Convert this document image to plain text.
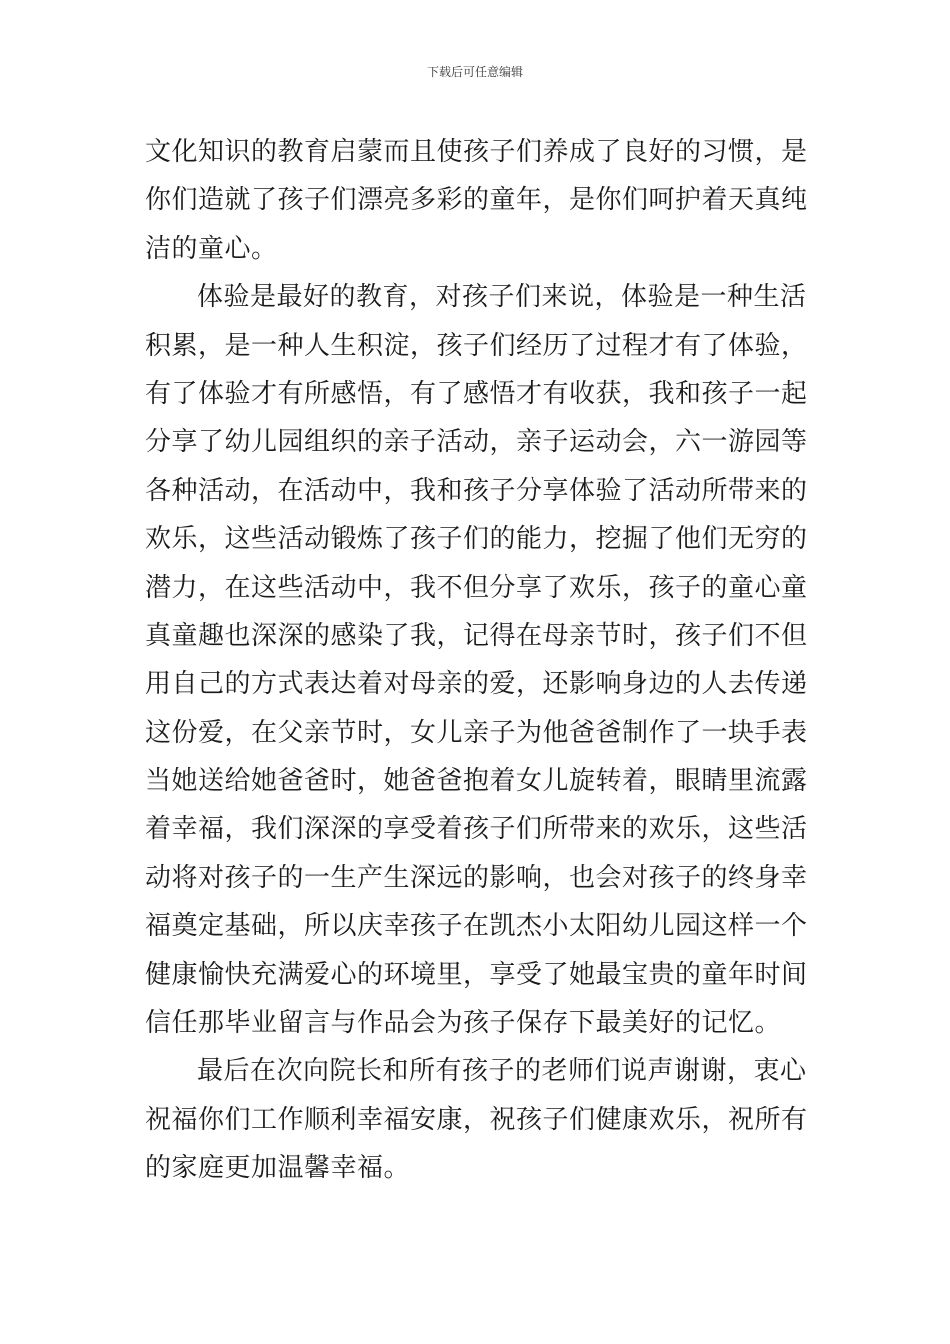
下载后可任意编辑
文化知识的教育启蒙而且使孩子们养成了良好的习惯，是
你们造就了孩子们漂亮多彩的童年，是你们呵护着天真纯
洁的童心。
体验是最好的教育，对孩子们来说，体验是一种生活
积累，是一种人生积淀，孩子们经历了过程才有了体验，
有了体验才有所感悟，有了感悟才有收获，我和孩子一起
分享了幼儿园组织的亲子活动，亲子运动会，六一游园等
各种活动，在活动中，我和孩子分享体验了活动所带来的
欢乐，这些活动锻炼了孩子们的能力，挖掘了他们无穷的
潜力，在这些活动中，我不但分享了欢乐，孩子的童心童
真童趣也深深的感染了我，记得在母亲节时，孩子们不但
用自己的方式表达着对母亲的爱，还影响身边的人去传递
这份爱，在父亲节时，女儿亲子为他爸爸制作了一块手表
当她送给她爸爸时，她爸爸抱着女儿旋转着，眼睛里流露
着幸福，我们深深的享受着孩子们所带来的欢乐，这些活
动将对孩子的一生产生深远的影响，也会对孩子的终身幸
福奠定基础，所以庆幸孩子在凯杰小太阳幼儿园这样一个
健康愉快充满爱心的环境里，享受了她最宝贵的童年时间
信任那毕业留言与作品会为孩子保存下最美好的记忆。
最后在次向院长和所有孩子的老师们说声谢谢，衷心
祝福你们工作顺利幸福安康，祝孩子们健康欢乐，祝所有
的家庭更加温馨幸福。
